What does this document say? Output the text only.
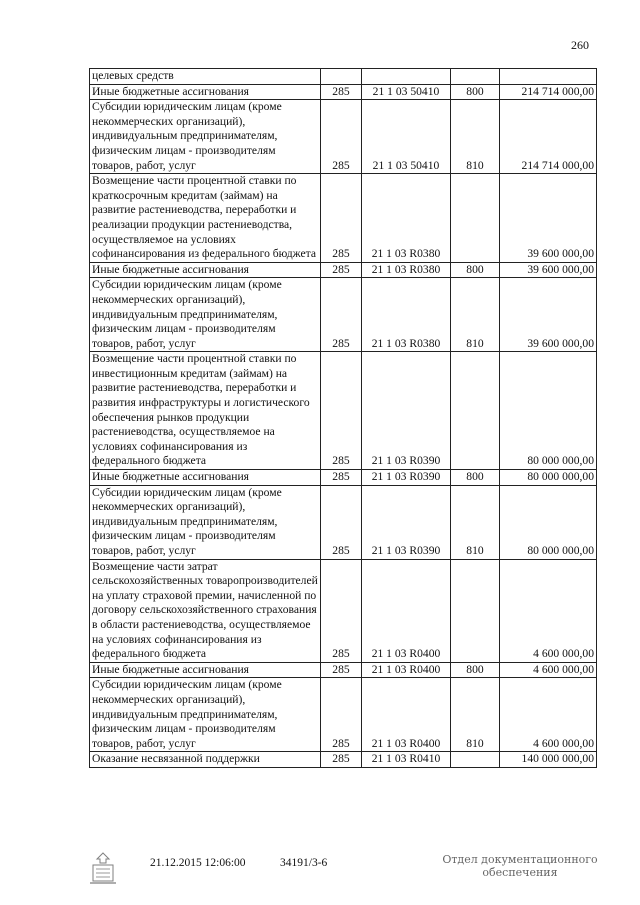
260
целевых средств				
Иные бюджетные ассигнования	285	21 1 03 50410	800	214 714 000,00
Субсидии юридическим лицам (кроме некоммерческих организаций), индивидуальным предпринимателям, физическим лицам - производителям товаров, работ, услуг	285	21 1 03 50410	810	214 714 000,00
Возмещение части процентной ставки по краткосрочным кредитам (займам) на развитие растениеводства, переработки и реализации продукции растениеводства, осуществляемое на условиях софинансирования из федерального бюджета	285	21 1 03 R0380		39 600 000,00
Иные бюджетные ассигнования	285	21 1 03 R0380	800	39 600 000,00
Субсидии юридическим лицам (кроме некоммерческих организаций), индивидуальным предпринимателям, физическим лицам - производителям товаров, работ, услуг	285	21 1 03 R0380	810	39 600 000,00
Возмещение части процентной ставки по инвестиционным кредитам (займам) на развитие растениеводства, переработки и развития инфраструктуры и логистического обеспечения рынков продукции растениеводства, осуществляемое на условиях софинансирования из федерального бюджета	285	21 1 03 R0390		80 000 000,00
Иные бюджетные ассигнования	285	21 1 03 R0390	800	80 000 000,00
Субсидии юридическим лицам (кроме некоммерческих организаций), индивидуальным предпринимателям, физическим лицам - производителям товаров, работ, услуг	285	21 1 03 R0390	810	80 000 000,00
Возмещение части затрат сельскохозяйственных товаропроизводителей на уплату страховой премии, начисленной по договору сельскохозяйственного страхования в области растениеводства, осуществляемое на условиях софинансирования из федерального бюджета	285	21 1 03 R0400		4 600 000,00
Иные бюджетные ассигнования	285	21 1 03 R0400	800	4 600 000,00
Субсидии юридическим лицам (кроме некоммерческих организаций), индивидуальным предпринимателям, физическим лицам - производителям товаров, работ, услуг	285	21 1 03 R0400	810	4 600 000,00
Оказание несвязанной поддержки	285	21 1 03 R0410		140 000 000,00
21.12.2015 12:06:00	34191/3-6	Отдел документационного
обеспечения
